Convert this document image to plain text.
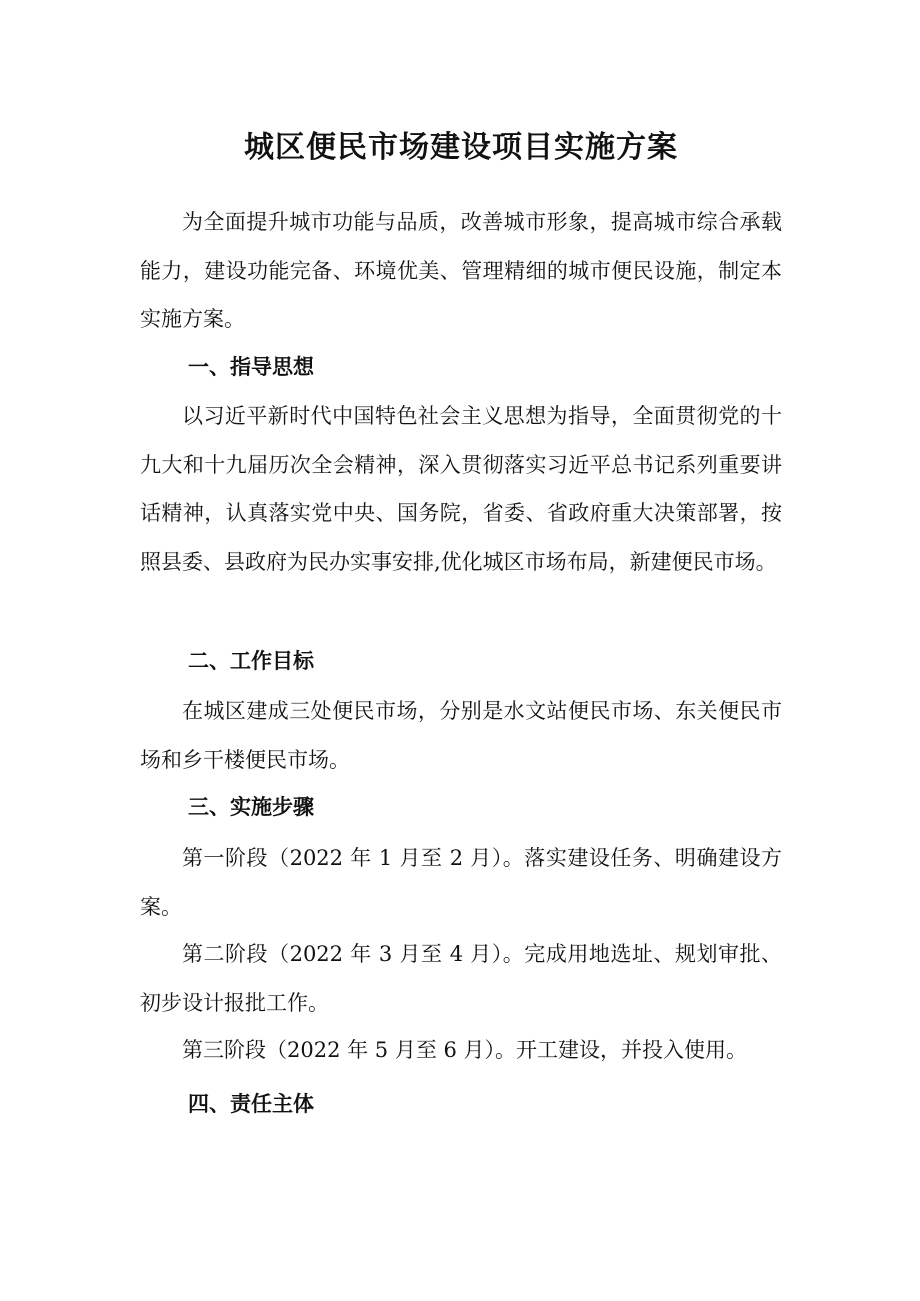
城区便民市场建设项目实施方案

为全面提升城市功能与品质，改善城市形象，提高城市综合承载能力，建设功能完备、环境优美、管理精细的城市便民设施，制定本实施方案。

一、指导思想

以习近平新时代中国特色社会主义思想为指导，全面贯彻党的十九大和十九届历次全会精神，深入贯彻落实习近平总书记系列重要讲话精神，认真落实党中央、国务院，省委、省政府重大决策部署，按照县委、县政府为民办实事安排,优化城区市场布局，新建便民市场。

二、工作目标

在城区建成三处便民市场，分别是水文站便民市场、东关便民市场和乡干楼便民市场。

三、实施步骤

第一阶段（2022 年 1 月至 2 月）。落实建设任务、明确建设方案。

第二阶段（2022 年 3 月至 4 月）。完成用地选址、规划审批、初步设计报批工作。

第三阶段（2022 年 5 月至 6 月）。开工建设，并投入使用。

四、责任主体
